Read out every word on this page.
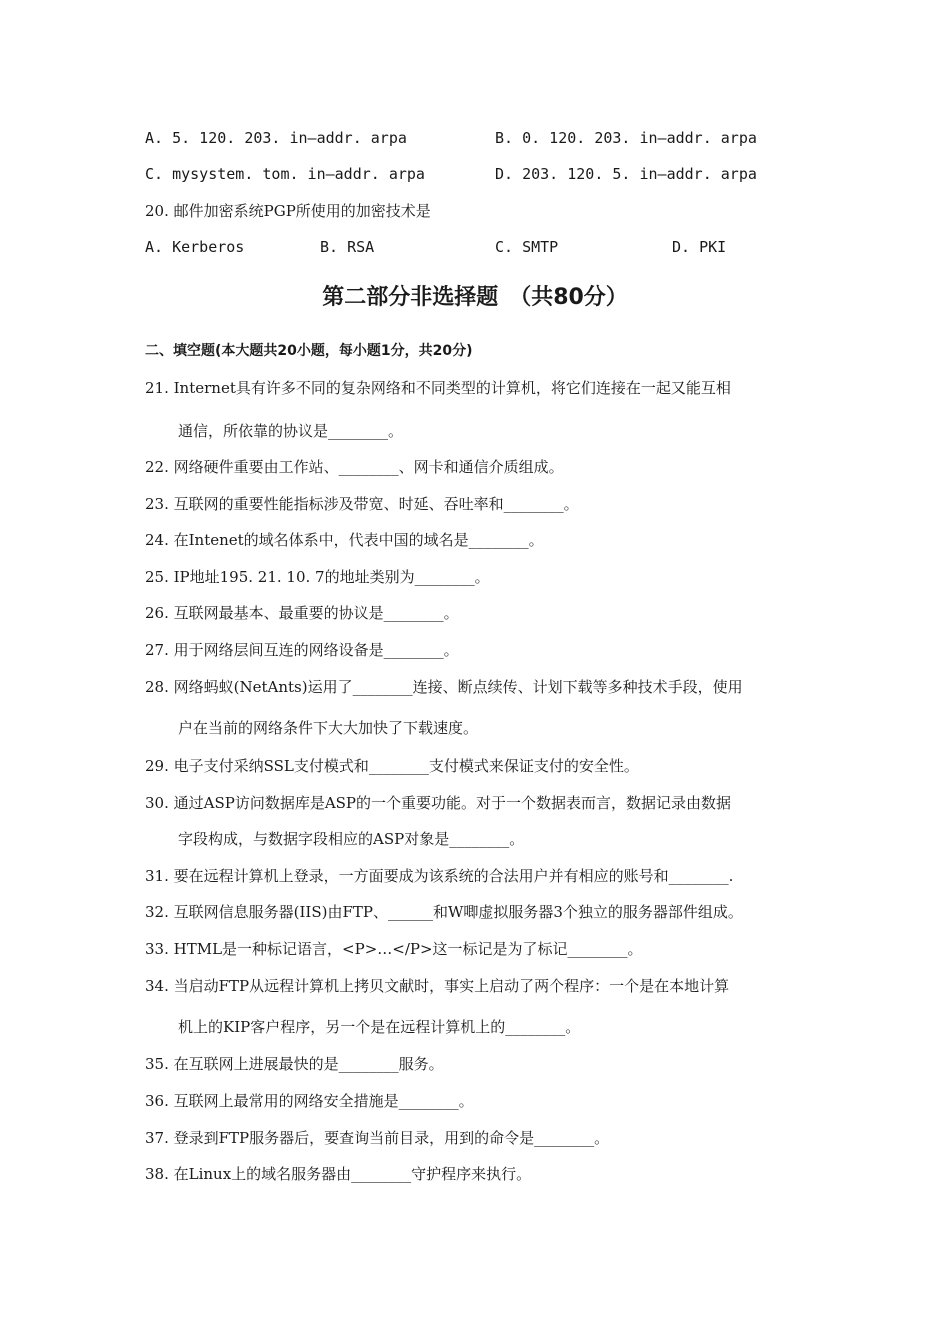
A. 5. 120. 203. in—addr. arpa	B. 0. 120. 203. in—addr. arpa
C. mysystem. tom. in—addr. arpa	D. 203. 120. 5. in—addr. arpa
20. 邮件加密系统PGP所使用的加密技术是
A. Kerberos	B. RSA	C. SMTP	D. PKI
第二部分非选择题　（共80分）
二、填空题(本大题共20小题，每小题1分，共20分)
21. Internet具有许多不同的复杂网络和不同类型的计算机，将它们连接在一起又能互相
通信，所依靠的协议是________。
22. 网络硬件重要由工作站、________、网卡和通信介质组成。
23. 互联网的重要性能指标涉及带宽、时延、吞吐率和________。
24. 在Intenet的域名体系中，代表中国的域名是________。
25. IP地址195. 21. 10. 7的地址类别为________。
26. 互联网最基本、最重要的协议是________。
27. 用于网络层间互连的网络设备是________。
28. 网络蚂蚁(NetAnts)运用了________连接、断点续传、计划下载等多种技术手段，使用
户在当前的网络条件下大大加快了下载速度。
29. 电子支付采纳SSL支付模式和________支付模式来保证支付的安全性。
30. 通过ASP访问数据库是ASP的一个重要功能。对于一个数据表而言，数据记录由数据
字段构成，与数据字段相应的ASP对象是________。
31. 要在远程计算机上登录，一方面要成为该系统的合法用户并有相应的账号和________.
32. 互联网信息服务器(IIS)由FTP、______和W唧虚拟服务器3个独立的服务器部件组成。
33. HTML是一种标记语言，<P>…</P>这一标记是为了标记________。
34. 当启动FTP从远程计算机上拷贝文献时，事实上启动了两个程序：一个是在本地计算
机上的KIP客户程序，另一个是在远程计算机上的________。
35. 在互联网上进展最快的是________服务。
36. 互联网上最常用的网络安全措施是________。
37. 登录到FTP服务器后，要查询当前目录，用到的命令是________。
38. 在Linux上的域名服务器由________守护程序来执行。
